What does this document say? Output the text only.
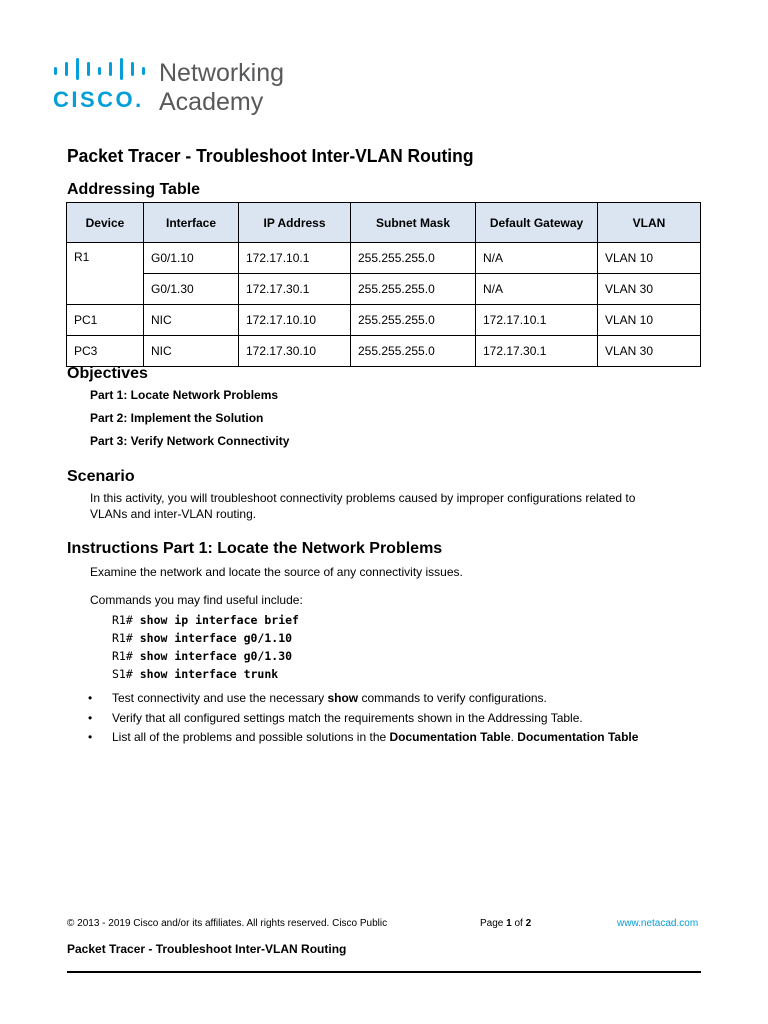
CISCO.
Networking
Academy
Packet Tracer - Troubleshoot Inter-VLAN Routing
Addressing Table
Device	Interface	IP Address	Subnet Mask	Default Gateway	VLAN
R1	G0/1.10	172.17.10.1	255.255.255.0	N/A	VLAN 10
	G0/1.30	172.17.30.1	255.255.255.0	N/A	VLAN 30
PC1	NIC	172.17.10.10	255.255.255.0	172.17.10.1	VLAN 10
PC3	NIC	172.17.30.10	255.255.255.0	172.17.30.1	VLAN 30
Objectives
Part 1: Locate Network Problems
Part 2: Implement the Solution
Part 3: Verify Network Connectivity
Scenario
In this activity, you will troubleshoot connectivity problems caused by improper configurations related to VLANs and inter-VLAN routing.
Instructions Part 1: Locate the Network Problems
Examine the network and locate the source of any connectivity issues.
Commands you may find useful include:
R1# show ip interface brief
R1# show interface g0/1.10
R1# show interface g0/1.30
S1# show interface trunk
• Test connectivity and use the necessary show commands to verify configurations.
• Verify that all configured settings match the requirements shown in the Addressing Table.
• List all of the problems and possible solutions in the Documentation Table. Documentation Table
© 2013 - 2019 Cisco and/or its affiliates. All rights reserved. Cisco Public	Page 1 of 2	www.netacad.com
Packet Tracer - Troubleshoot Inter-VLAN Routing
